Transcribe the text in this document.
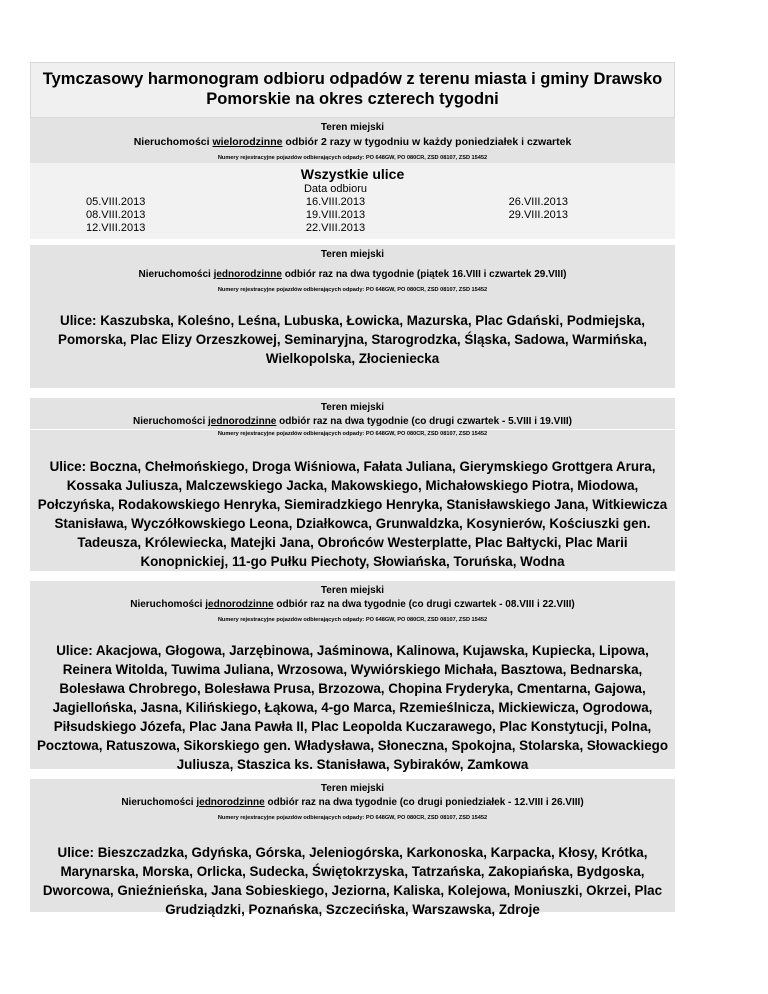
Tymczasowy harmonogram odbioru odpadów z terenu miasta i gminy Drawsko

Pomorskie na okres czterech tygodni

Teren miejski
Nieruchomości wielorodzinne odbiór 2 razy w tygodniu w każdy poniedziałek i czwartek
Numery rejestracyjne pojazdów odbierających odpady: PO 648GW, PO 080CR, ZSD 08107, ZSD 15452
Wszystkie ulice

05.VIII.2013
08.VIII.2013
12.VIII.2013
Data odbioru
16.VIII.2013
19.VIII.2013
22.VIII.2013

26.VIII.2013
29.VIII.2013
Teren miejski
Nieruchomości jednorodzinne odbiór raz na dwa tygodnie (piątek 16.VIII i czwartek 29.VIII)
Numery rejestracyjne pojazdów odbierających odpady: PO 648GW, PO 080CR, ZSD 08107, ZSD 15452
Ulice: Kaszubska, Koleśno, Leśna, Lubuska, Łowicka, Mazurska, Plac Gdański, Podmiejska, Pomorska, Plac Elizy Orzeszkowej, Seminaryjna, Starogrodzka, Śląska, Sadowa, Warmińska, Wielkopolska, Złocieniecka
Teren miejski
Nieruchomości jednorodzinne odbiór raz na dwa tygodnie (co drugi czwartek - 5.VIII i 19.VIII)
Numery rejestracyjne pojazdów odbierających odpady: PO 648GW, PO 080CR, ZSD 08107, ZSD 15452
Ulice: Boczna, Chełmońskiego, Droga Wiśniowa, Fałata Juliana, Gierymskiego Grottgera Arura, Kossaka Juliusza, Malczewskiego Jacka, Makowskiego, Michałowskiego Piotra, Miodowa, Połczyńska, Rodakowskiego Henryka, Siemiradzkiego Henryka, Stanisławskiego Jana, Witkiewicza Stanisława, Wyczółkowskiego Leona, Działkowca, Grunwaldzka, Kosynierów, Kościuszki gen. Tadeusza, Królewiecka, Matejki Jana, Obrońców Westerplatte, Plac Bałtycki, Plac Marii Konopnickiej, 11-go Pułku Piechoty, Słowiańska, Toruńska, Wodna
Teren miejski
Nieruchomości jednorodzinne odbiór raz na dwa tygodnie (co drugi czwartek - 08.VIII i 22.VIII)
Numery rejestracyjne pojazdów odbierających odpady: PO 648GW, PO 080CR, ZSD 08107, ZSD 15452
Ulice: Akacjowa, Głogowa, Jarzębinowa, Jaśminowa, Kalinowa, Kujawska, Kupiecka, Lipowa, Reinera Witolda, Tuwima Juliana, Wrzosowa, Wywiórskiego Michała, Basztowa, Bednarska, Bolesława Chrobrego, Bolesława Prusa, Brzozowa, Chopina Fryderyka, Cmentarna, Gajowa, Jagiellońska, Jasna, Kilińskiego, Łąkowa, 4-go Marca, Rzemieślnicza, Mickiewicza, Ogrodowa, Piłsudskiego Józefa, Plac Jana Pawła II, Plac Leopolda Kuczarawego, Plac Konstytucji, Polna, Pocztowa, Ratuszowa, Sikorskiego gen. Władysława, Słoneczna, Spokojna, Stolarska, Słowackiego Juliusza, Staszica ks. Stanisława, Sybiraków, Zamkowa
Teren miejski
Nieruchomości jednorodzinne odbiór raz na dwa tygodnie (co drugi poniedziałek - 12.VIII i 26.VIII)
Numery rejestracyjne pojazdów odbierających odpady: PO 648GW, PO 080CR, ZSD 08107, ZSD 15452
Ulice: Bieszczadzka, Gdyńska, Górska, Jeleniogórska, Karkonoska, Karpacka, Kłosy, Krótka, Marynarska, Morska, Orlicka, Sudecka, Świętokrzyska, Tatrzańska, Zakopiańska, Bydgoska, Dworcowa, Gnieźnieńska, Jana Sobieskiego, Jeziorna, Kaliska, Kolejowa, Moniuszki, Okrzei, Plac Grudziądzki, Poznańska, Szczecińska, Warszawska, Zdroje
